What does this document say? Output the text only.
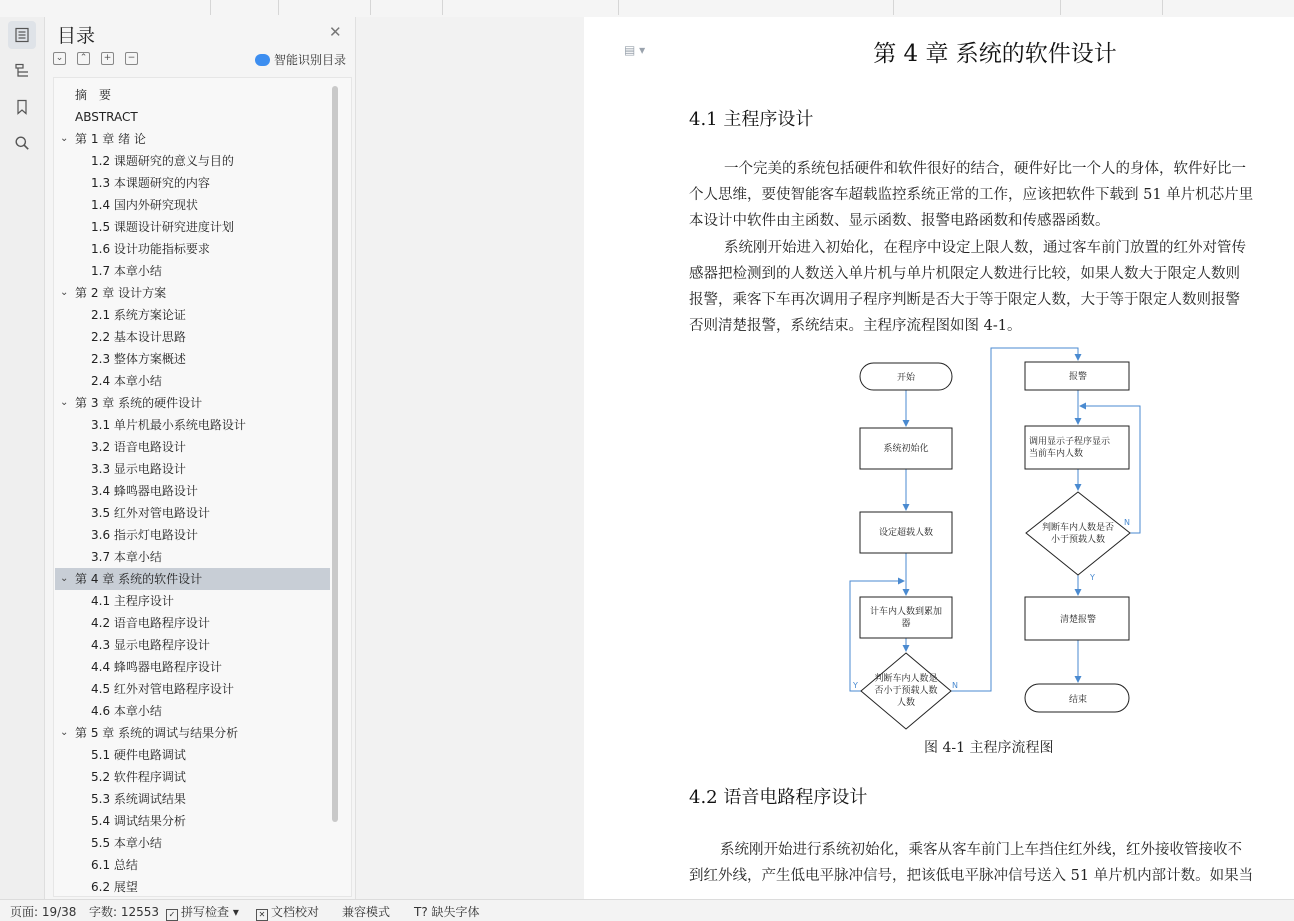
目录	✕
⌄	⌃	+	−	智能识别目录
摘　要
ABSTRACT
⌄ 第 1 章 绪 论
1.2 课题研究的意义与目的
1.3 本课题研究的内容
1.4 国内外研究现状
1.5 课题设计研究进度计划
1.6 设计功能指标要求
1.7 本章小结
⌄ 第 2 章 设计方案
2.1 系统方案论证
2.2 基本设计思路
2.3 整体方案概述
2.4 本章小结
⌄ 第 3 章 系统的硬件设计
3.1 单片机最小系统电路设计
3.2 语音电路设计
3.3 显示电路设计
3.4 蜂鸣器电路设计
3.5 红外对管电路设计
3.6 指示灯电路设计
3.7 本章小结
⌄ 第 4 章 系统的软件设计
4.1 主程序设计
4.2 语音电路程序设计
4.3 显示电路程序设计
4.4 蜂鸣器电路程序设计
4.5 红外对管电路程序设计
4.6 本章小结
⌄ 第 5 章 系统的调试与结果分析
5.1 硬件电路调试
5.2 软件程序调试
5.3 系统调试结果
5.4 调试结果分析
5.5 本章小结
6.1 总结
6.2 展望
▤ ▾	第 4 章 系统的软件设计
4.1 主程序设计
一个完美的系统包括硬件和软件很好的结合，硬件好比一个人的身体，软件好比一
个人思维，要使智能客车超载监控系统正常的工作，应该把软件下载到 51 单片机芯片里
本设计中软件由主函数、显示函数、报警电路函数和传感器函数。
系统刚开始进入初始化，在程序中设定上限人数，通过客车前门放置的红外对管传
感器把检测到的人数送入单片机与单片机限定人数进行比较，如果人数大于限定人数则
报警，乘客下车再次调用子程序判断是否大于等于限定人数，大于等于限定人数则报警
否则清楚报警，系统结束。主程序流程图如图 4-1。
开始
系统初始化
设定超载人数
计车内人数到累加
器
判断车内人数是
否小于预载人数
人数
报警
调用显示子程序显示
当前车内人数
判断车内人数是否
小于预载人数
清楚报警
结束
Y	N
N
Y
图 4-1 主程序流程图
4.2 语音电路程序设计
系统刚开始进行系统初始化，乘客从客车前门上车挡住红外线，红外接收管接收不
到红外线，产生低电平脉冲信号，把该低电平脉冲信号送入 51 单片机内部计数。如果当
页面: 19/38 字数: 12553	✓ 拼写检查 ▾	✕ 文档校对 兼容模式 T? 缺失字体
